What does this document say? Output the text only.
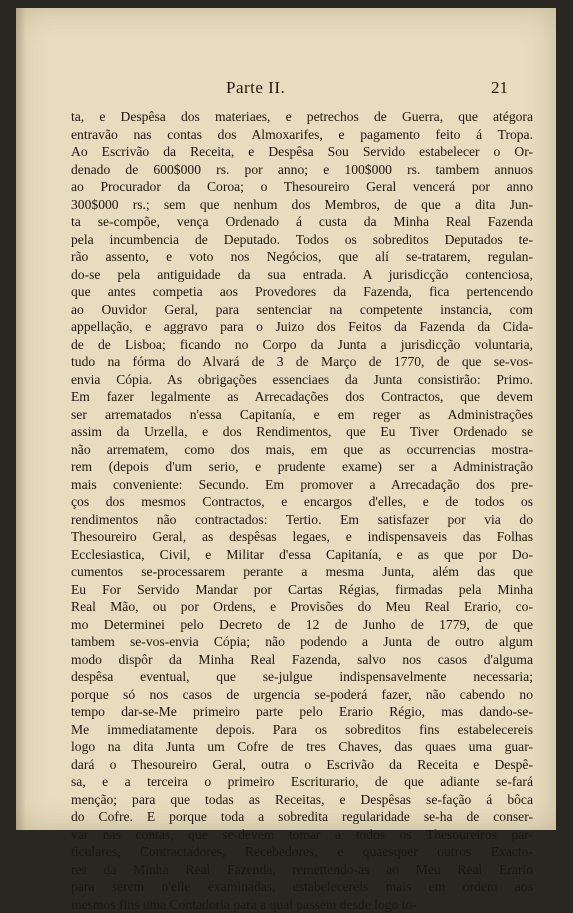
Parte II.	21
ta, e Despêsa dos materiaes, e petrechos de Guerra, que atégora
entravão nas contas dos Almoxarifes, e pagamento feito á Tropa.
Ao Escrivão da Receita, e Despêsa Sou Servido estabelecer o Or-
denado de 600$000 rs. por anno; e 100$000 rs. tambem annuos
ao Procurador da Coroa; o Thesoureiro Geral vencerá por anno
300$000 rs.; sem que nenhum dos Membros, de que a dita Jun-
ta se-compõe, vença Ordenado á custa da Minha Real Fazenda
pela incumbencia de Deputado. Todos os sobreditos Deputados te-
rão assento, e voto nos Negócios, que alí se-tratarem, regulan-
do-se pela antiguidade da sua entrada. A jurisdicção contenciosa,
que antes competia aos Provedores da Fazenda, fica pertencendo
ao Ouvidor Geral, para sentenciar na competente instancia, com
appellação, e aggravo para o Juizo dos Feitos da Fazenda da Cida-
de de Lisboa; ficando no Corpo da Junta a jurisdicção voluntaria,
tudo na fórma do Alvará de 3 de Março de 1770, de que se-vos-
envia Cópia. As obrigações essenciaes da Junta consistirão: Primo.
Em fazer legalmente as Arrecadações dos Contractos, que devem
ser arrematados n'essa Capitanía, e em reger as Administrações
assim da Urzella, e dos Rendimentos, que Eu Tiver Ordenado se
não arrematem, como dos mais, em que as occurrencias mostra-
rem (depois d'um serio, e prudente exame) ser a Administração
mais conveniente: Secundo. Em promover a Arrecadação dos pre-
ços dos mesmos Contractos, e encargos d'elles, e de todos os
rendimentos não contractados: Tertio. Em satisfazer por via do
Thesoureiro Geral, as despêsas legaes, e indispensaveis das Folhas
Ecclesiastica, Civil, e Militar d'essa Capitanía, e as que por Do-
cumentos se-processarem perante a mesma Junta, além das que
Eu For Servido Mandar por Cartas Régias, firmadas pela Minha
Real Mão, ou por Ordens, e Provisões do Meu Real Erario, co-
mo Determinei pelo Decreto de 12 de Junho de 1779, de que
tambem se-vos-envia Cópia; não podendo a Junta de outro algum
modo dispôr da Minha Real Fazenda, salvo nos casos d'alguma
despêsa eventual, que se-julgue indispensavelmente necessaria;
porque só nos casos de urgencia se-poderá fazer, não cabendo no
tempo dar-se-Me primeiro parte pelo Erario Régio, mas dando-se-
Me immediatamente depois. Para os sobreditos fins estabelecereis
logo na dita Junta um Cofre de tres Chaves, das quaes uma guar-
dará o Thesoureiro Geral, outra o Escrivão da Receita e Despê-
sa, e a terceira o primeiro Escriturario, de que adiante se-fará
menção; para que todas as Receitas, e Despêsas se-fação á bôca
do Cofre. E porque toda a sobredita regularidade se-ha de conser-
var nas contas, que se-devem tomar a todos os Thesoureiros par-
ticulares, Contractadores, Recebedores, e quaesquer outros Exacto-
res da Minha Real Fazenda, remettendo-as ao Meu Real Erario
para serem n'elle examinadas, estabelecereis mais em ordem aos
mesmos fins uma Contadoria para a qual passem desde logo to-
